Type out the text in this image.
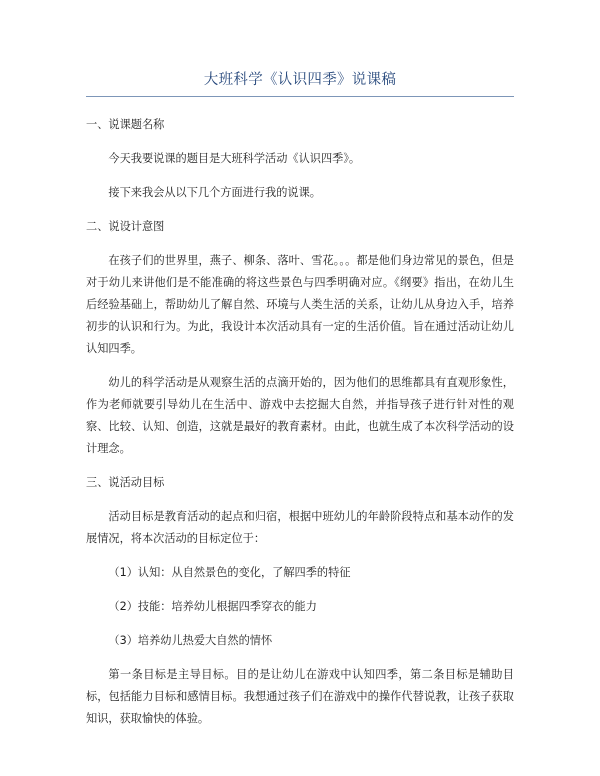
大班科学《认识四季》说课稿

一、说课题名称

今天我要说课的题目是大班科学活动《认识四季》。

接下来我会从以下几个方面进行我的说课。

二、说设计意图

在孩子们的世界里，燕子、柳条、落叶、雪花。。。都是他们身边常见的景色，但是对于幼儿来讲他们是不能准确的将这些景色与四季明确对应。《纲要》指出，在幼儿生后经验基础上，帮助幼儿了解自然、环境与人类生活的关系，让幼儿从身边入手，培养初步的认识和行为。为此，我设计本次活动具有一定的生活价值。旨在通过活动让幼儿认知四季。

幼儿的科学活动是从观察生活的点滴开始的，因为他们的思维都具有直观形象性，作为老师就要引导幼儿在生活中、游戏中去挖掘大自然，并指导孩子进行针对性的观察、比较、认知、创造，这就是最好的教育素材。由此，也就生成了本次科学活动的设计理念。

三、说活动目标

活动目标是教育活动的起点和归宿，根据中班幼儿的年龄阶段特点和基本动作的发展情况，将本次活动的目标定位于：

（1）认知：从自然景色的变化，了解四季的特征

（2）技能：培养幼儿根据四季穿衣的能力

（3）培养幼儿热爱大自然的情怀

第一条目标是主导目标。目的是让幼儿在游戏中认知四季，第二条目标是辅助目标，包括能力目标和感情目标。我想通过孩子们在游戏中的操作代替说教，让孩子获取知识，获取愉快的体验。
